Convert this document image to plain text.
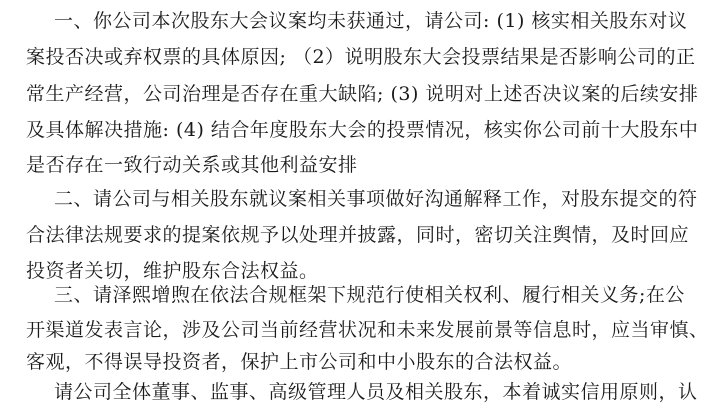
一、你公司本次股东大会议案均未获通过，请公司: (1) 核实相关股东对议
案投否决或弃权票的具体原因; （2）说明股东大会投票结果是否影响公司的正
常生产经营，公司治理是否存在重大缺陷; (3) 说明对上述否决议案的后续安排
及具体解决措施: (4) 结合年度股东大会的投票情况，核实你公司前十大股东中
是否存在一致行动关系或其他利益安排
二、请公司与相关股东就议案相关事项做好沟通解释工作，对股东提交的符
合法律法规要求的提案依规予以处理并披露，同时，密切关注舆情，及时回应
投资者关切，维护股东合法权益。
三、请泽熙增煦在依法合规框架下规范行使相关权利、履行相关义务;在公
开渠道发表言论，涉及公司当前经营状况和未来发展前景等信息时，应当审慎、
客观，不得误导投资者，保护上市公司和中小股东的合法权益。
请公司全体董事、监事、高级管理人员及相关股东，本着诚实信用原则，认
